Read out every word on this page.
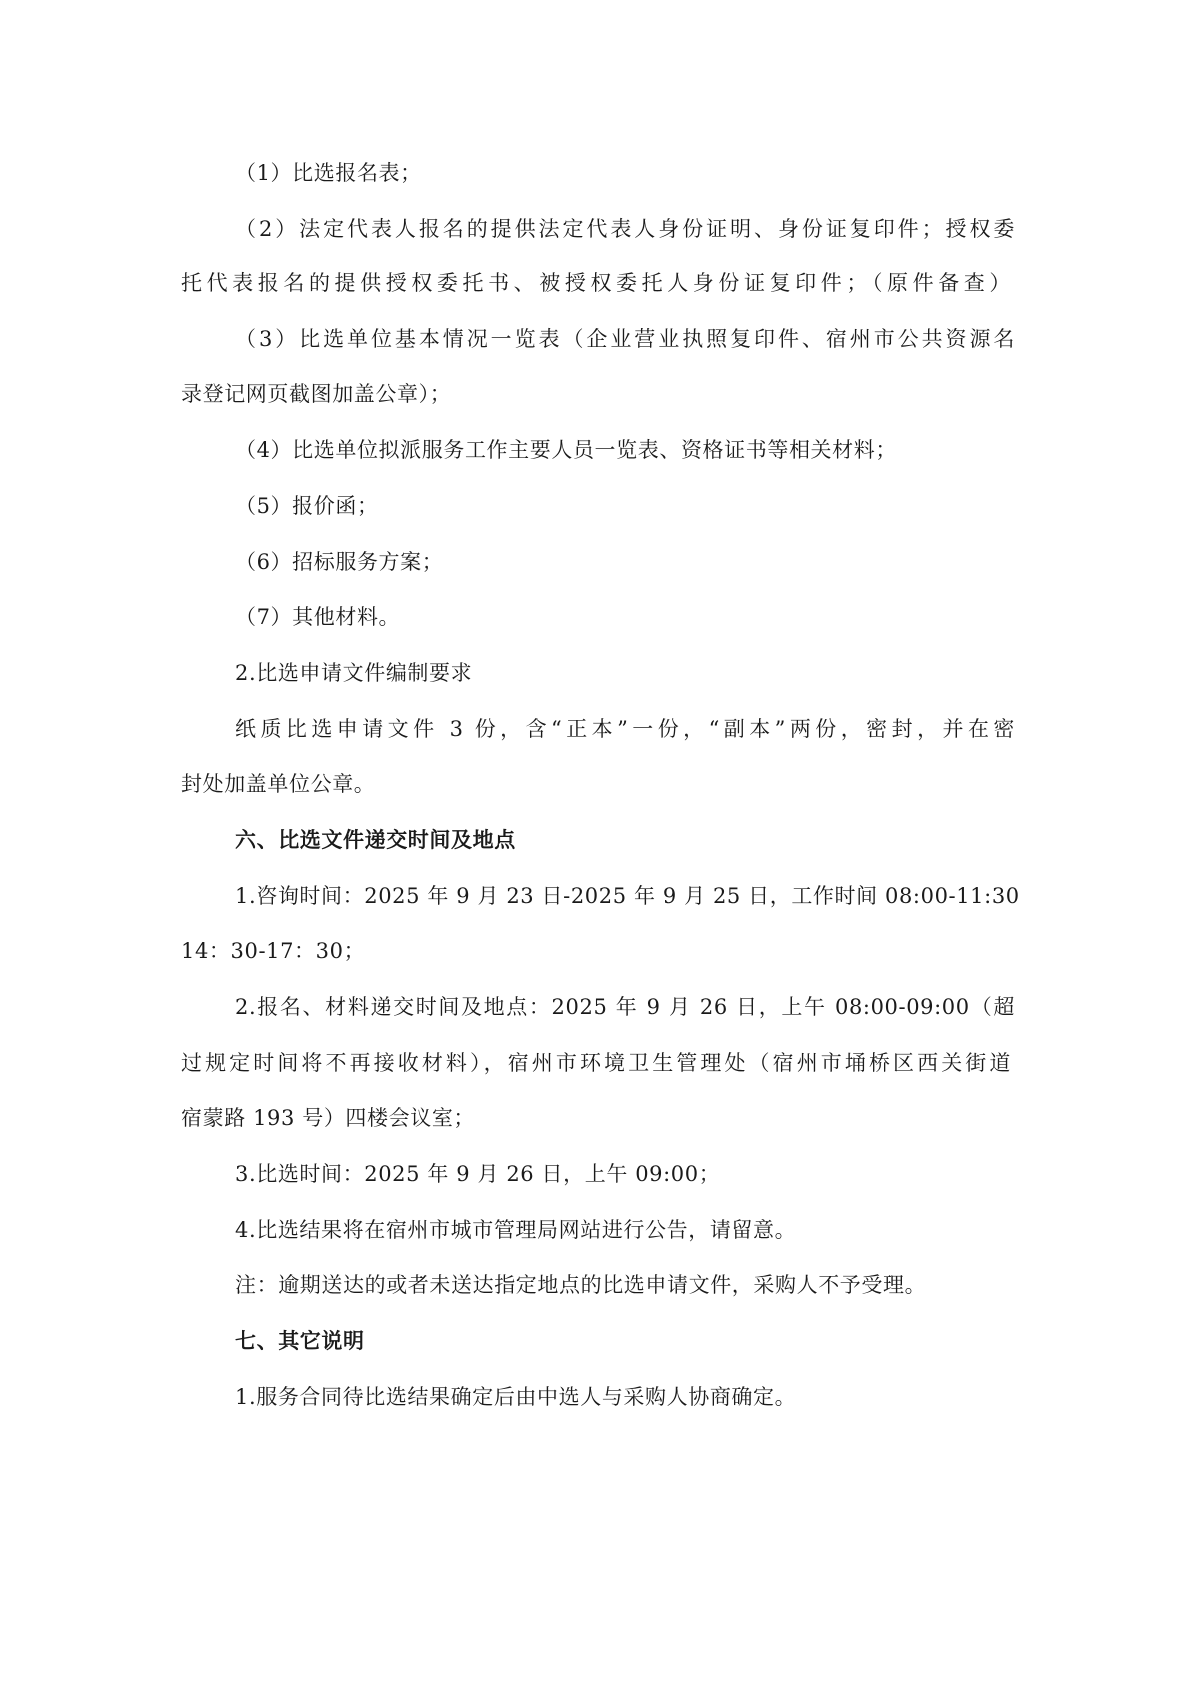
（1）比选报名表；
（2）法定代表人报名的提供法定代表人身份证明、身份证复印件；授权委
托代表报名的提供授权委托书、被授权委托人身份证复印件；（原件备查）
（3）比选单位基本情况一览表（企业营业执照复印件、宿州市公共资源名
录登记网页截图加盖公章）；
（4）比选单位拟派服务工作主要人员一览表、资格证书等相关材料；
（5）报价函；
（6）招标服务方案；
（7）其他材料。
2.比选申请文件编制要求
纸质比选申请文件 3 份，含“正本”一份，“副本”两份，密封，并在密
封处加盖单位公章。
六、比选文件递交时间及地点
1.咨询时间：2025 年 9 月 23 日-2025 年 9 月 25 日，工作时间 08:00-11:30
14：30-17：30；
2.报名、材料递交时间及地点：2025 年 9 月 26 日，上午 08:00-09:00（超
过规定时间将不再接收材料），宿州市环境卫生管理处（宿州市埇桥区西关街道
宿蒙路 193 号）四楼会议室；
3.比选时间：2025 年 9 月 26 日，上午 09:00；
4.比选结果将在宿州市城市管理局网站进行公告，请留意。
注：逾期送达的或者未送达指定地点的比选申请文件，采购人不予受理。
七、其它说明
1.服务合同待比选结果确定后由中选人与采购人协商确定。
